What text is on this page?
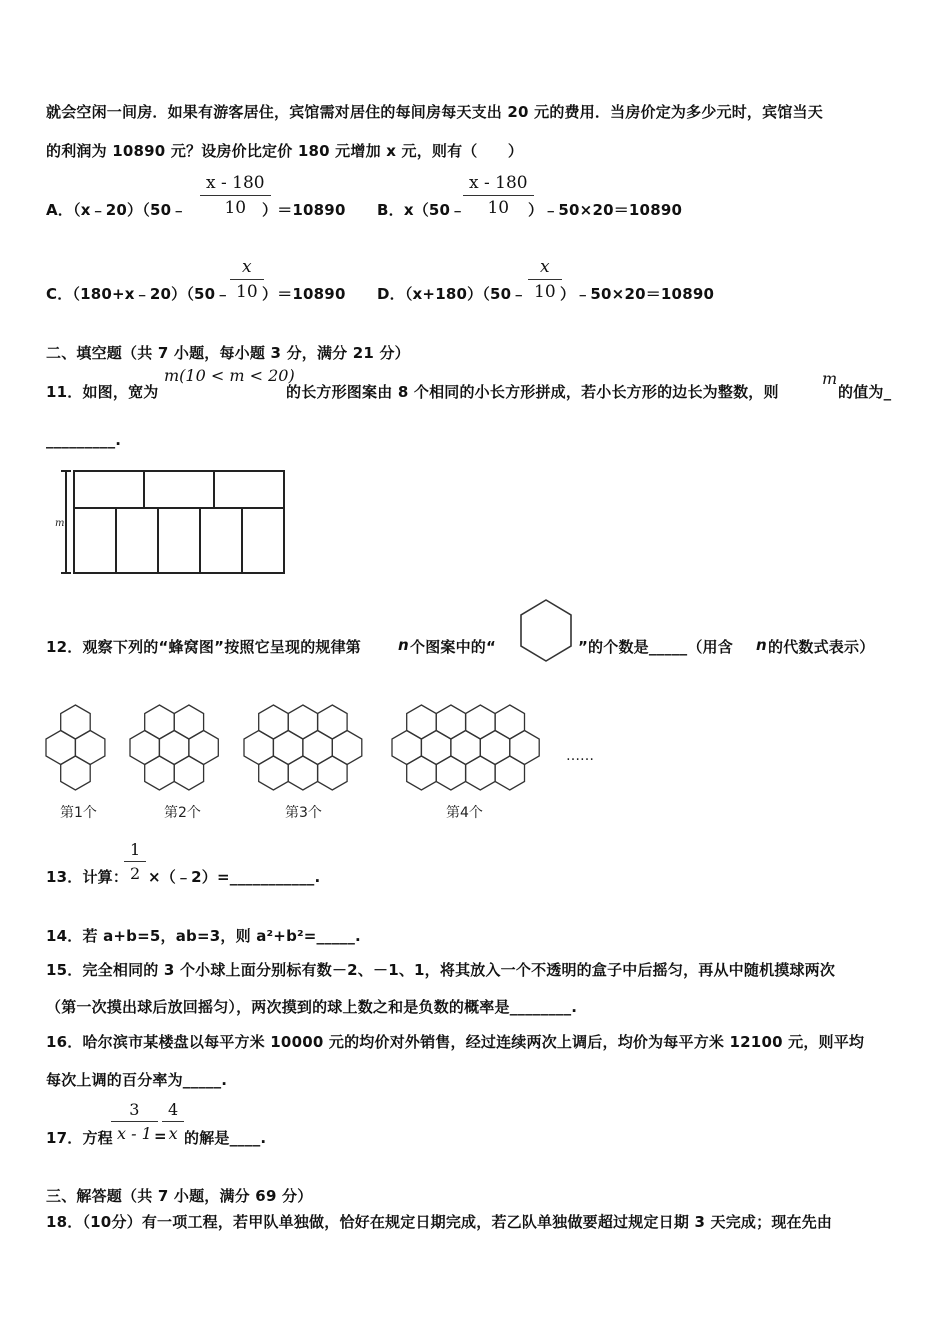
就会空闲一间房．如果有游客居住，宾馆需对居住的每间房每天支出 20 元的费用．当房价定为多少元时，宾馆当天
的利润为 10890 元？设房价比定价 180 元增加 x 元，则有（　　）
A．（x﹣20）（50﹣
x - 180
10	）＝10890 B．x（50﹣
x - 180
10	）﹣50×20＝10890
C．（180+x﹣20）（50﹣
x
10 ）＝10890 D．（x+180）（50﹣
x
10 ）﹣50×20＝10890
二、填空题（共 7 小题，每小题 3 分，满分 21 分）
11．如图，宽为
m(10 < m < 20)
的长方形图案由 8 个相同的小长方形拼成，若小长方形的边长为整数，则
m
的值为_
_________.
m
12．观察下列的“蜂窝图”按照它呈现的规律第 n 个图案中的“	”的个数是_____（用含 n 的代数式表示）
第1个	第2个	第3个	第4个
……
13．计算：
1
2 ×（﹣2）=___________.
14．若 a+b=5，ab=3，则 a²+b²=_____.
15．完全相同的 3 个小球上面分别标有数－2、－1、1，将其放入一个不透明的盒子中后摇匀，再从中随机摸球两次
（第一次摸出球后放回摇匀），两次摸到的球上数之和是负数的概率是________.
16．哈尔滨市某楼盘以每平方米 10000 元的均价对外销售，经过连续两次上调后，均价为每平方米 12100 元，则平均
每次上调的百分率为_____.
17．方程
3
x - 1 =
4
x 的解是____.
三、解答题（共 7 小题，满分 69 分）
18．（10分）有一项工程，若甲队单独做，恰好在规定日期完成，若乙队单独做要超过规定日期 3 天完成；现在先由
